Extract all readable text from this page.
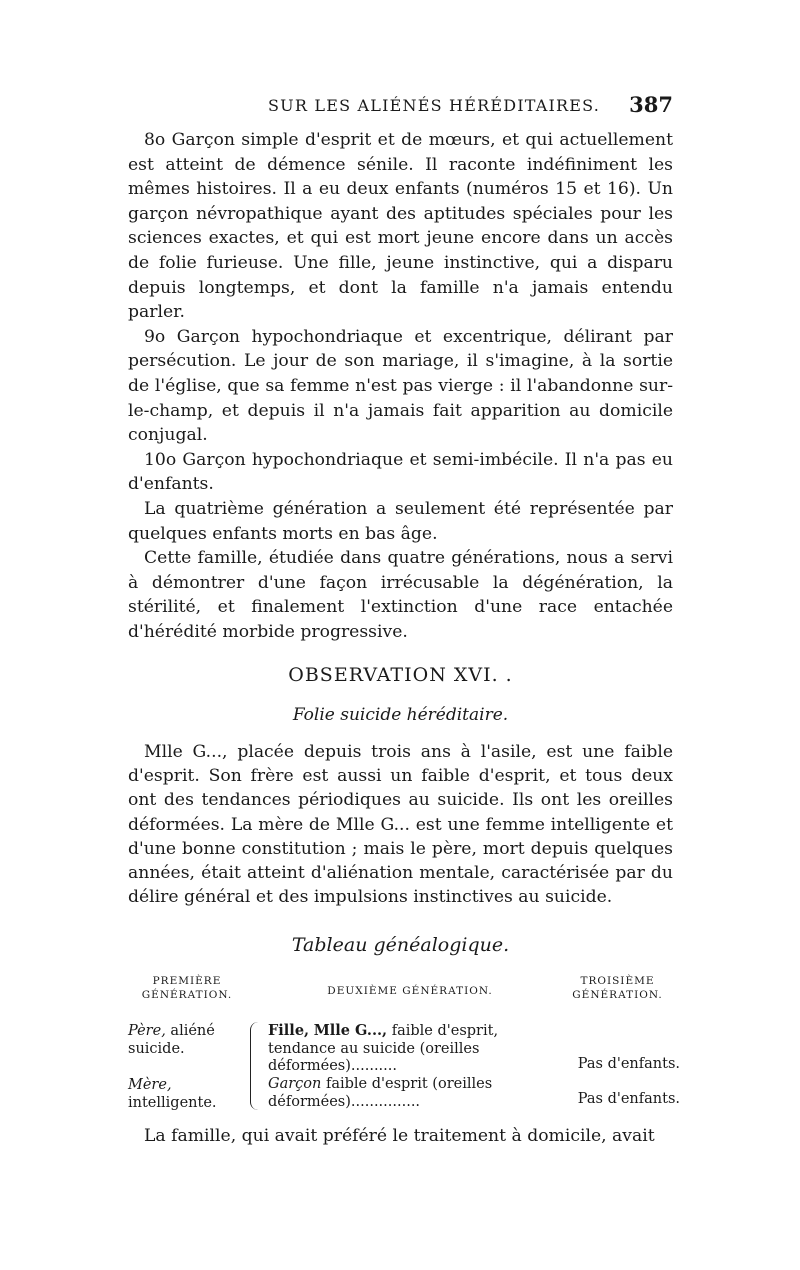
SUR LES ALIÉNÉS HÉRÉDITAIRES. 387

8o Garçon simple d'esprit et de mœurs, et qui actuellement est atteint de démence sénile. Il raconte indéfiniment les mêmes histoires. Il a eu deux enfants (numéros 15 et 16). Un garçon névropathique ayant des aptitudes spéciales pour les sciences exactes, et qui est mort jeune encore dans un accès de folie furieuse. Une fille, jeune instinctive, qui a disparu depuis longtemps, et dont la famille n'a jamais entendu parler.

9o Garçon hypochondriaque et excentrique, délirant par persécution. Le jour de son mariage, il s'imagine, à la sortie de l'église, que sa femme n'est pas vierge : il l'abandonne sur-le-champ, et depuis il n'a jamais fait apparition au domicile conjugal.

10o Garçon hypochondriaque et semi-imbécile. Il n'a pas eu d'enfants.

La quatrième génération a seulement été représentée par quelques enfants morts en bas âge.

Cette famille, étudiée dans quatre générations, nous a servi à démontrer d'une façon irrécusable la dégénération, la stérilité, et finalement l'extinction d'une race entachée d'hérédité morbide progressive.

OBSERVATION XVI. .
Folie suicide héréditaire.

Mlle G..., placée depuis trois ans à l'asile, est une faible d'esprit. Son frère est aussi un faible d'esprit, et tous deux ont des tendances périodiques au suicide. Ils ont les oreilles déformées. La mère de Mlle G... est une femme intelligente et d'une bonne constitution ; mais le père, mort depuis quelques années, était atteint d'aliénation mentale, caractérisée par du délire général et des impulsions instinctives au suicide.

Tableau généalogique.
PREMIÈRE GÉNÉRATION.	DEUXIÈME GÉNÉRATION.
TROISIÈME GÉNÉRATION.
Père, aliéné suicide.
Mère, intelligente.
Fille, Mlle G..., faible d'esprit, tendance au suicide (oreilles déformées)..........
Garçon faible d'esprit (oreilles déformées)...............
Pas d'enfants.
Pas d'enfants.

La famille, qui avait préféré le traitement à domicile, avait
